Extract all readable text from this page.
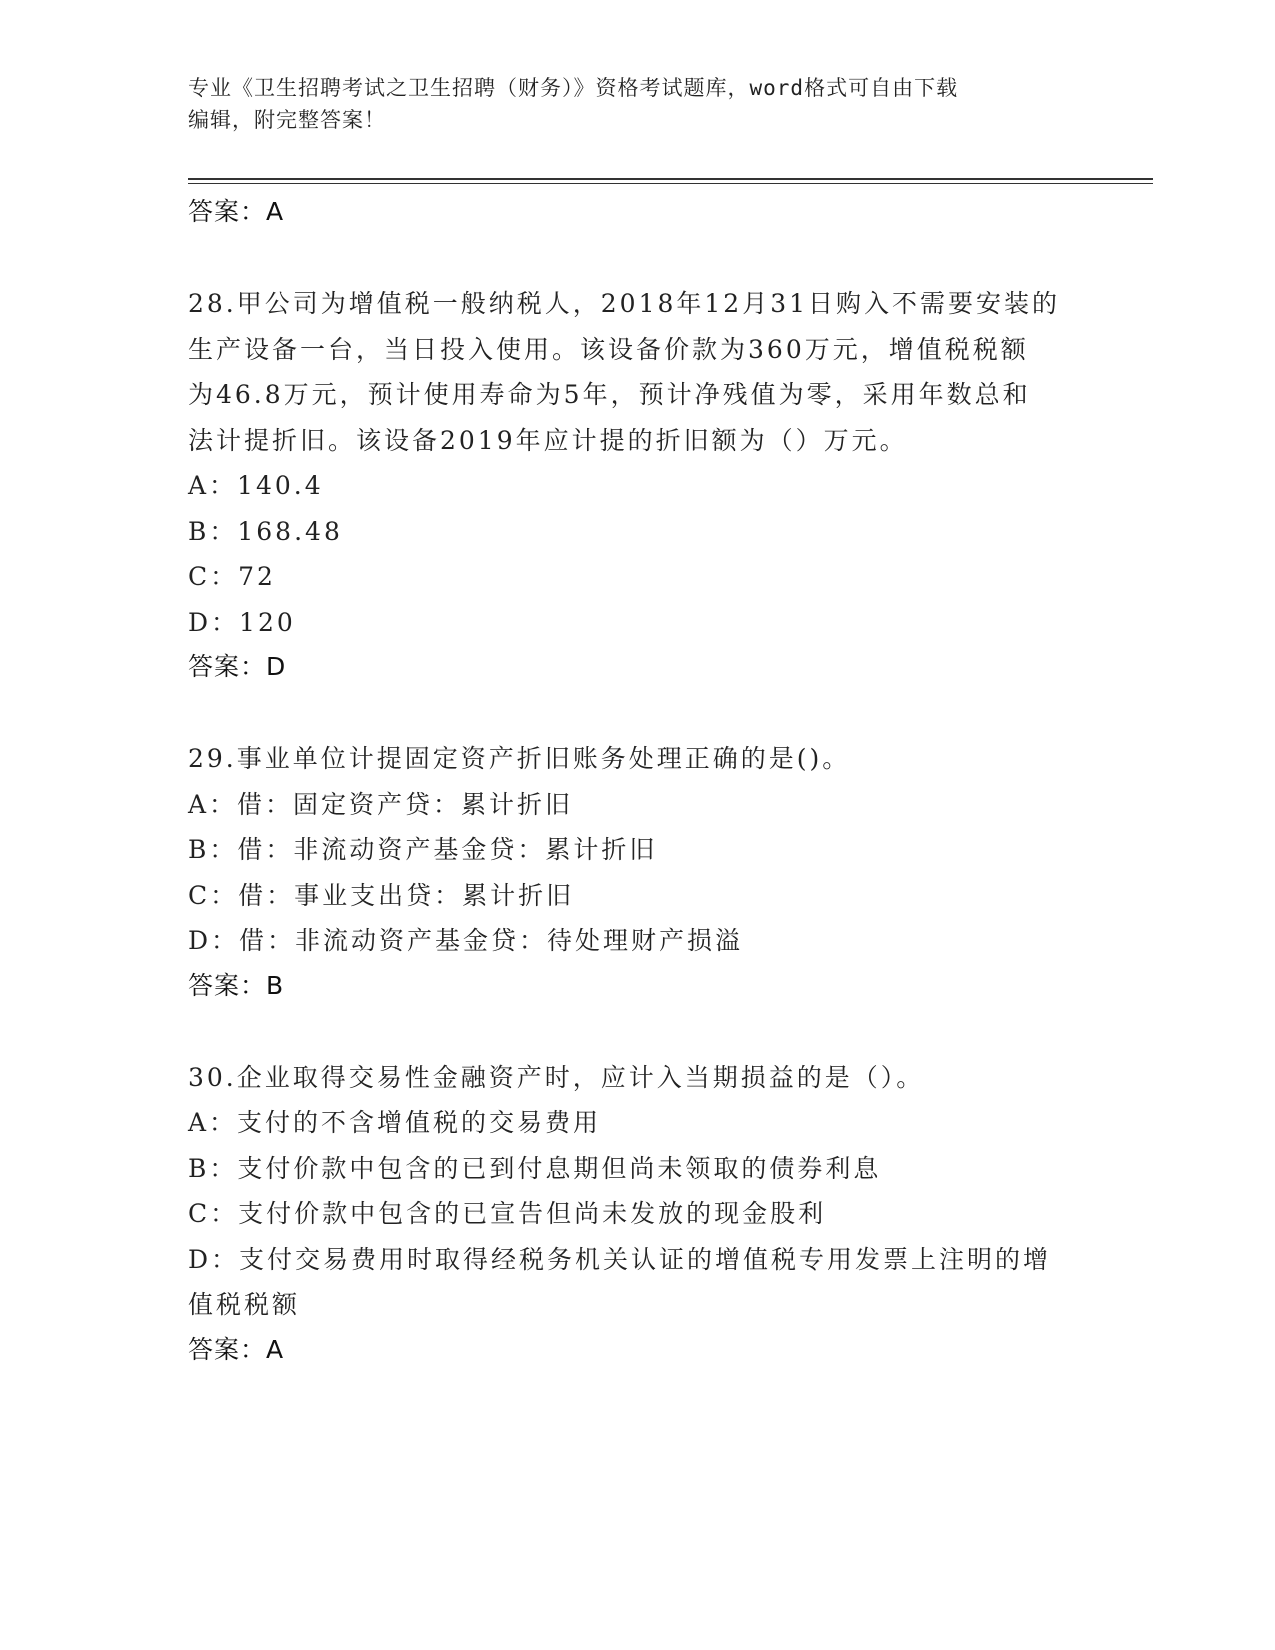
专业《卫生招聘考试之卫生招聘（财务）》资格考试题库，word格式可自由下载
编辑，附完整答案！
答案：A
28.甲公司为增值税一般纳税人，2018年12月31日购入不需要安装的
生产设备一台，当日投入使用。该设备价款为360万元，增值税税额
为46.8万元，预计使用寿命为5年，预计净残值为零，采用年数总和
法计提折旧。该设备2019年应计提的折旧额为（）万元。
A：140.4
B：168.48
C：72
D：120
答案：D
29.事业单位计提固定资产折旧账务处理正确的是()。
A：借：固定资产贷：累计折旧
B：借：非流动资产基金贷：累计折旧
C：借：事业支出贷：累计折旧
D：借：非流动资产基金贷：待处理财产损溢
答案：B
30.企业取得交易性金融资产时，应计入当期损益的是（）。
A：支付的不含增值税的交易费用
B：支付价款中包含的已到付息期但尚未领取的债券利息
C：支付价款中包含的已宣告但尚未发放的现金股利
D：支付交易费用时取得经税务机关认证的增值税专用发票上注明的增
值税税额
答案：A
